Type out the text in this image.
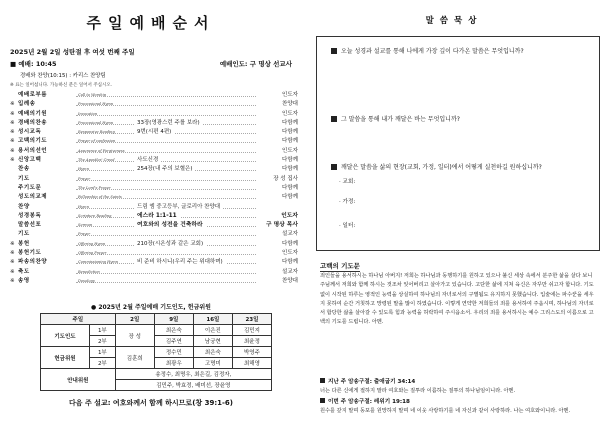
주일예배순서
2025년 2월 2일 성탄절 후 여섯 번째 주일
■ 예배: 10:45	예배인도: 구 명상 선교사
경배와 찬양(10:15) : 카리스 찬양팀
※ 표는 일어섭니다. 가능하신 분은 일어서 주십시오.
예배로부름	Call to Worship	인도자
※ 입례송	Processional Hymn	찬양대
※ 예배의기원	Invocation	인도자
※ 경배의찬송	Processional Hymn	33장(영광스런 주를 보라)	다함께
※ 성시교독	Responsive Reading	9번(시편 4편)	다함께
※ 고백의기도	Prayer of confession	다함께
※ 용서의선언	Assurance of Forgiveness	인도자
※ 신앙고백	The Apostles' Creed	사도신경	다함께
찬송	Hymn	254장(내 주의 보혈은)	다함께
기도	Prayer	장 성 집사
주기도문	The Lord's Prayer	다함께
성도의교제	Fellowship of the Saints	다함께
찬양	Hymn	드림 엠 중고등부, 글로리아 찬양대
성경봉독	Scripture Reading	에스라 1:1-11	인도자
말씀선포	Sermon	여호와의 성전을 건축하라	구 명상 목사
기도	Prayer	설교자
※ 봉헌	Offering Hymn	210장(시온성과 같은 교회)	다함께
※ 봉헌기도	Offering Prayer	인도자
※ 파송의찬양	Commissioning Hymn	비 준비 하시니(우리 주는 위대하며)	다함께
※ 축도	Benediction	설교자
※ 송영	Doxology	찬양대
● 2025년 2월 주일예배 기도인도, 헌금위원
주일		2일	9일	16일	23일
기도인도	1부	장 성	최은숙	이은진	김민지
	2부		김주연	남궁현	최윤정
헌금위원	1부	김훈희	정수민	최은숙	박영주
	2부		최광우	고명미	최해영
안내위원		송정수, 최명우, 최은길, 김정자,			
		김민주, 박효정, 배미선, 장윤영			
다음 주 설교: 여호와께서 함께 하시므로(창 39:1-6)
말씀묵상
오늘 성경과 설교를 통해 나에게 가장 깊이 다가온 말씀은 무엇입니까?
그 말씀을 통해 내가 깨달은 바는 무엇입니까?
깨달은 말씀을 삶의 현장(교회, 가정, 일터)에서 어떻게 실천하길 원하십니까?
· 교회:
· 가정:
· 일터:
고백의 기도문
죄인들을 용서하시는 하나님 아버지! 저희는 하나님과 동행하기를 원하고 있으나 불신 세상 속에서 분주한 삶을 살다 보니 주님께서 저희와 함께 하시는 것조차 잊어버리고 살아가고 있습니다. 고단한 삶에 지쳐 육신은 자꾸만 쉬고자 합니다. 기도 없이 시작된 하루는 영적인 능력을 상실하여 하나님의 자녀로서의 구별됨도 유지하지 못했습니다. 입술에는 파수꾼을 세우지 못하여 순간 거칫하고 망령된 말을 많이 하였습니다. 이렇게 연약한 저희들의 죄를 용서하여 주옵시며, 하나님의 자녀로서 합당한 삶을 살아갈 수 있도록 힘과 능력을 허락하여 주시옵소서. 우리의 죄를 용서하시는 예수 그리스도의 이름으로 고백의 기도를 드립니다. 아멘.
지난 주 암송구절: 출애굽기 34:14
너는 다른 신에게 절하지 말라 여호와는 질투라 이름하는 질투의 하나님임이니라. 아멘.
이번 주 암송구절: 레위기 19:18
원수를 갚지 말며 동포를 원망하지 말며 네 이웃 사랑하기를 네 자신과 같이 사랑하라. 나는 여호와이니라. 아멘.
